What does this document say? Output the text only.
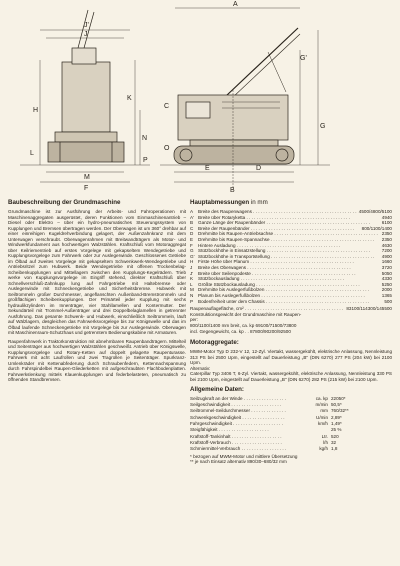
J'
J
H
K
N
L
P
M
F
G'
G
C
O
E	D
A
B
Baubeschreibung der Grundmaschine

Grundmaschine ist zur Ausführung der Arbeits- und Fahroperationen mit Maschinenaggregaten ausgerüstet, deren Funktionen vom Einmaschinenantrieb – Diesel oder Elektro – über ein hydro-pneumatisches Steuerungssystem von Kupplungen und Bremsen übertragen werden. Der Oberwagen ist um 360° drehbar auf einer einreihigen Kugeldrehverbindung gelagert, der Außenzahnkranz mit dem Unterwagen verschraubt. Oberwagenrahmen mit Breitwandträgern als Motor- und Windwerkfundament aus hochwertigen Walzstählen. Kraftschluß vom Motoraggregat über Keilriementrieb auf erstes Vorgelege mit gekapseltem Wendegetriebe und Kupplungsvorgelege zum Fahrwerk oder zur Auslegerwinde. Geschlossenes Getriebe im Ölbad auf zweites Vorgelege mit gekapseltem Schwenkwerk-Wendegetriebe und Antriebsritzel zum Hubwerk. Beide Wendegetriebe mit offenen Trockenbelag-Scheibenkupplungen und Mittellagern zwischen den Kupplungs-Kegelrädern. Trieb werke von Kupplungsvorgelege im Eingriff stehend, direkter Kraftschluß über Schnellverschluß-Zahnkupp lung auf Fahrgetriebe mit Haltebremse oder Auslegerwinde mit Schneckengetriebe und Sicherheitsbremse. Hubwerk mit Seiltrommeln großer Durchmesser, angeflanschten Außenband-Bremstrommeln und großflächigen Scheibenkupplungen. Der Primärteil jeder Kupplung mit sechs hydraulikzylindern im Innenträger, vier Stahllamellen und Kontermutter. Der Sekundärteil mit Trommel-Außenträger und drei Doppelbelaglamellen in getrennter Ausführung. Das gesamte Schwenk- und Hubwerk, einschließlich Seiltrommeln, läuft auf Wälzlagern, desgleichen das Fahrwerksvorgelege bis zur Königswelle und das im Ölbad laufende Schneckengetriebe mit Vorgelege bis zur Auslegerwinde. Oberwagen mit Maschinenraum-Schutzhaus und getrenntem Bedienungskabine mit Armaturen.

Raupenfahrwerk in Traktorkonstruktion mit abnehmbaren Raupenbandträgern. Mittelteil und Seitenträger aus hochwertigen Walzstählen geschweißt. Antrieb über Königswelle, Kupplungsvorgelege und Rotary-Ketten auf doppelt gelagerte Raupenturasse. Fahrwerk mit acht Laufrollen und zwei Tragrollen je Seitenträger. Spurkranz-Umlenkräder mit Kettenabfederung durch Schraubenfedern, Kettennachspannung durch Fahrspindelbei Raupen-Gliederketten mit aufgeschraubten Flachbodenplatten. Fahrwerkslenkung mittels Klauenkupplungen und federbelasteten, pneumatisch zu öffnenden Standbremsen.

Hauptabmessungen in mm
A	Breite des Raupenwagens . . .	4500/4800/5100
A' Breite über Rotaryketta . . .	4940
B	Ganze Länge der Raupenbänder . . .	6100
C	Breite der Raupenbänder . . .	800/1100/1400
D	Drehmitte bis Raupen-Antriebsachse . . .	2350
E	Drehmitte bis Raupen-Spannachse . . .	2350
F	Hintere Ausladung . . .	4630
G Stützbockhöhe in Einsatzstellung . . .	7200
G' Stützbockhöhe in Transportstellung . . .	4900
H	Firstе Höhe über Planum . . .	1660
J	Breite des Oberwagens . . .	3720
J'	Breite über Seilenpodeste . . .	5050
K	Stützbockausladung . . .	4330
L	Größte Stützbockausladung . . .	5250
M Drehmitte bis Auslegerfußbolzen . . .	2000
N	Planum bis Auslegerfußbolzen . . .	1365
P	Bodenfreiheit unter dem Chassis . . .	500
Raupenauflagefläche, cm² . . .	83100/114300/145500
Konstruktionsgewicht der Grundmaschine mit Raupen-
per:
800/1100/1400 mm breit, ca. kp 69100/71500/73800
incl. Gegengewicht, ca. kp . . 87800/90200/92500
Motoraggregate:

MWM-Motor Typ D 232-V 12, 12-Zyl. Viertakt, wassergekühlt, elektrische Anlassung, Nennleistung 313 PS bei 2500 Upm, eingestellt auf Dauerleistung „B" (DIN 6270) 277 PS (204 kW) bei 2100 Upm.

Alternativ:

Caterpillar Typ 3406 T, 6-Zyl. Viertakt, wassergekühlt, elektrische Anlassung, Nennleistung 330 PS bei 2100 Upm, eingestellt auf Dauerleistung „B" (DIN 6270) 282 PS (215 kW) bei 2100 Upm.

Allgemeine Daten:
Seilzugkraft an der Winde . . .	ca. kp 22050*
Seilgeschwindigkeit . . .	m/min 50,5*
Seiltrommel-Seildurchmesser . . .	mm 760/32**
Schwenkgeschwindigkeit . . .	U/min 2,89*
Fahrgeschwindigkeit . . .	km/h 1,49*
Steigfähigkeit . . .	25 %
Kraftstoff-Tankinhalt . . .	Ltr. 520
Kraftstoff-Verbrauch . . .	l/h 32
Schmiermittel-Verbrauch . . .	kg/h 1,8
* bezogen auf MWM-Motor und mittlere Übersetzung
** je nach Einsatz alternativ 890/30–680/32 mm
